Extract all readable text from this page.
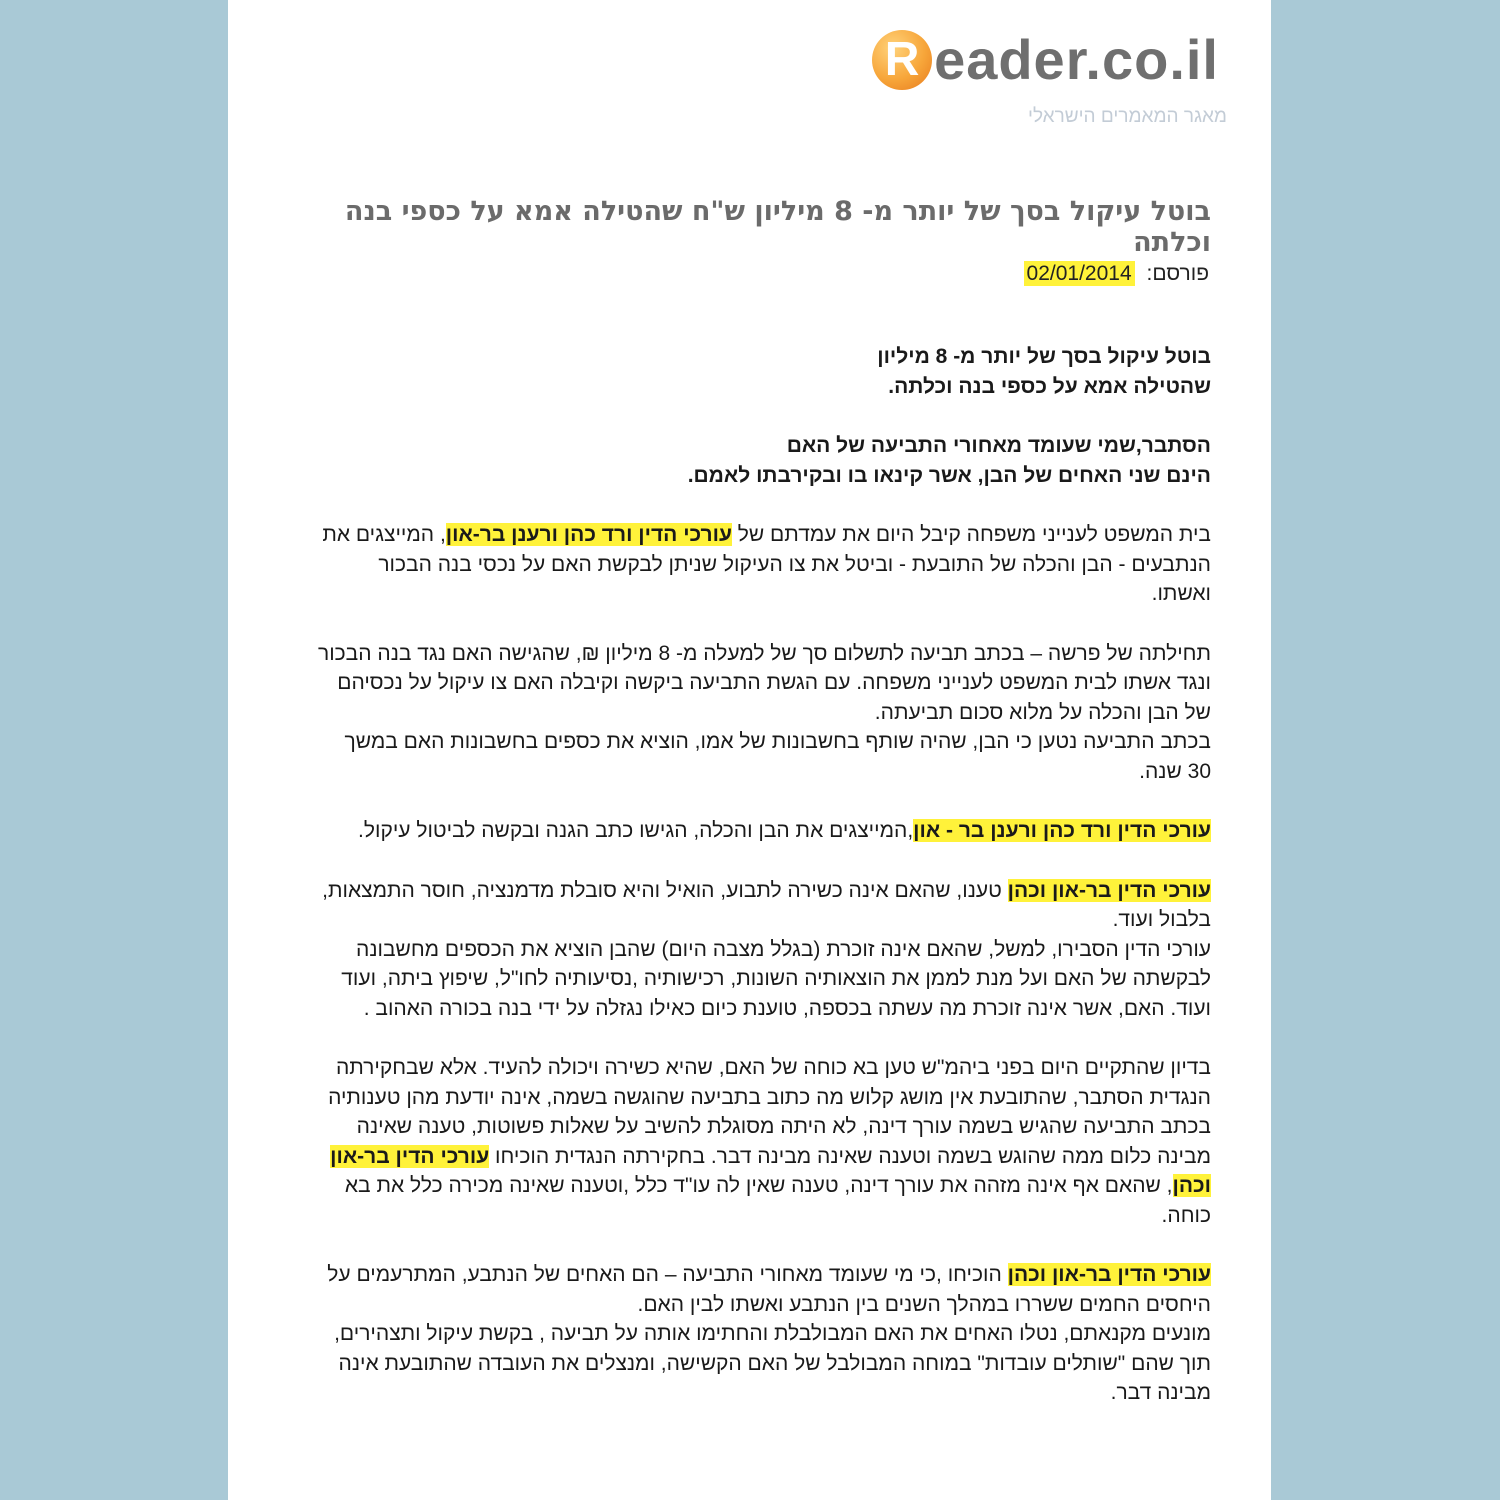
R eader.co.il
מאגר המאמרים הישראלי
בוטל עיקול בסך של יותר מ- 8 מיליון ש"ח שהטילה אמא על כספי בנה וכלתה
פורסם: 02/01/2014

בוטל עיקול בסך של יותר מ- 8 מיליון
שהטילה אמא על כספי בנה וכלתה.

הסתבר,שמי שעומד מאחורי התביעה של האם
הינם שני האחים של הבן, אשר קינאו בו ובקירבתו לאמם.

בית המשפט לענייני משפחה קיבל היום את עמדתם של עורכי הדין ורד כהן ורענן בר-און, המייצגים את הנתבעים - הבן והכלה של התובעת - וביטל את צו העיקול שניתן לבקשת האם על נכסי בנה הבכור ואשתו.

תחילתה של פרשה – בכתב תביעה לתשלום סך של למעלה מ- 8 מיליון ₪, שהגישה האם נגד בנה הבכור ונגד אשתו לבית המשפט לענייני משפחה. עם הגשת התביעה ביקשה וקיבלה האם צו עיקול על נכסיהם של הבן והכלה על מלוא סכום תביעתה.
בכתב התביעה נטען כי הבן, שהיה שותף בחשבונות של אמו, הוציא את כספים בחשבונות האם במשך 30 שנה.

עורכי הדין ורד כהן ורענן בר - און,המייצגים את הבן והכלה, הגישו כתב הגנה ובקשה לביטול עיקול.

עורכי הדין בר-און וכהן טענו, שהאם אינה כשירה לתבוע, הואיל והיא סובלת מדמנציה, חוסר התמצאות, בלבול ועוד.
עורכי הדין הסבירו, למשל, שהאם אינה זוכרת (בגלל מצבה היום) שהבן הוציא את הכספים מחשבונה לבקשתה של האם ועל מנת לממן את הוצאותיה השונות, רכישותיה ,נסיעותיה לחו"ל, שיפוץ ביתה, ועוד ועוד. האם, אשר אינה זוכרת מה עשתה בכספה, טוענת כיום כאילו נגזלה על ידי בנה בכורה האהוב .

בדיון שהתקיים היום בפני ביהמ"ש טען בא כוחה של האם, שהיא כשירה ויכולה להעיד. אלא שבחקירתה הנגדית הסתבר, שהתובעת אין מושג קלוש מה כתוב בתביעה שהוגשה בשמה, אינה יודעת מהן טענותיה בכתב התביעה שהגיש בשמה עורך דינה, לא היתה מסוגלת להשיב על שאלות פשוטות, טענה שאינה מבינה כלום ממה שהוגש בשמה וטענה שאינה מבינה דבר. בחקירתה הנגדית הוכיחו עורכי הדין בר-און וכהן, שהאם אף אינה מזהה את עורך דינה, טענה שאין לה עו"ד כלל ,וטענה שאינה מכירה כלל את בא כוחה.

עורכי הדין בר-און וכהן הוכיחו ,כי מי שעומד מאחורי התביעה – הם האחים של הנתבע, המתרעמים על היחסים החמים ששררו במהלך השנים בין הנתבע ואשתו לבין האם.
מונעים מקנאתם, נטלו האחים את האם המבולבלת והחתימו אותה על תביעה , בקשת עיקול ותצהירים, תוך שהם "שותלים עובדות" במוחה המבולבל של האם הקשישה, ומנצלים את העובדה שהתובעת אינה מבינה דבר.
